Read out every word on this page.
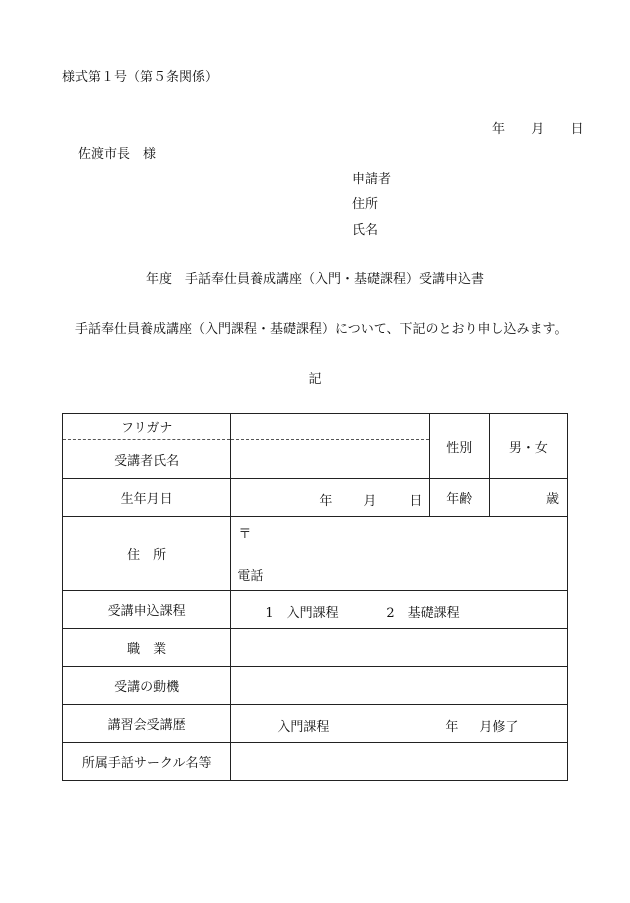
様式第１号（第５条関係）
年 月 日
佐渡市長　様
申請者
住所
氏名
年度　手話奉仕員養成講座（入門・基礎課程）受講申込書
手話奉仕員養成講座（入門課程・基礎課程）について、下記のとおり申し込みます。
記
フリガナ		性別	男・女
受講者氏名			
生年月日	年 月 日	年齢	歳
住　所	〒
電話		

受講申込課程	1　入門課程 2　基礎課程		

職　業			
受講の動機			
講習会受講歴	入門課程 年 月修了		

所属手話サークル名等			
